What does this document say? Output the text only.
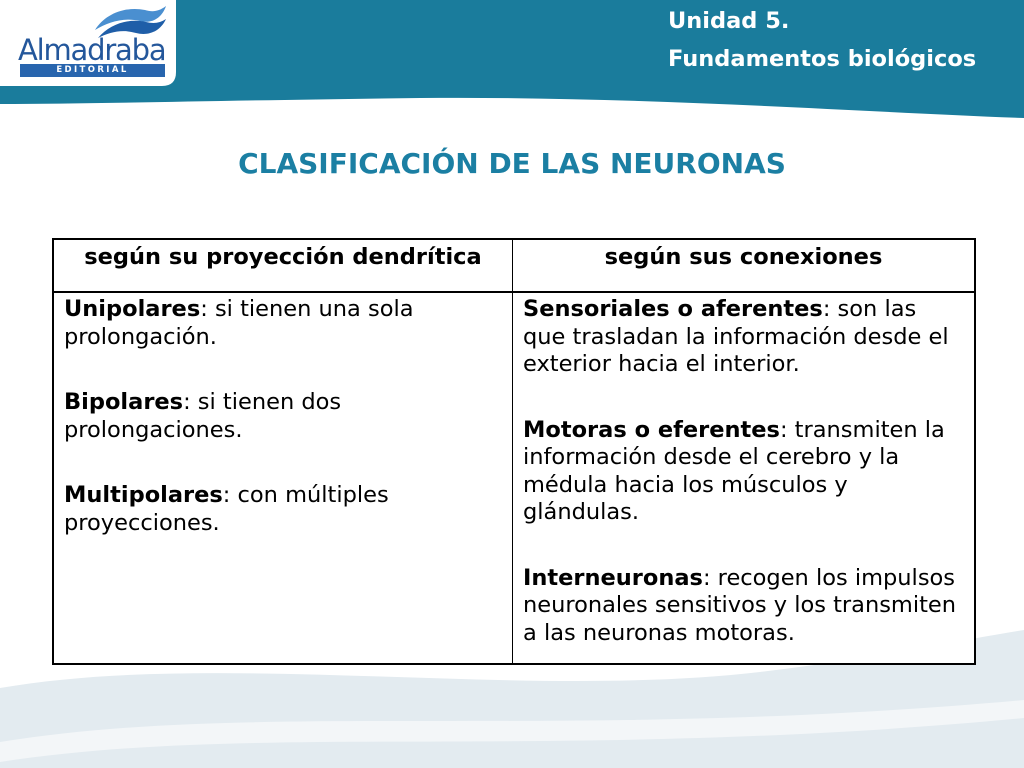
Almadraba
EDITORIAL
Unidad 5.
Fundamentos biológicos
CLASIFICACIÓN DE LAS NEURONAS
según su proyección dendrítica	según sus conexiones

Unipolares: si tienen una sola prolongación.

Bipolares: si tienen dos prolongaciones.

Multipolares: con múltiples proyecciones.

Sensoriales o aferentes: son las que trasladan la información desde el exterior hacia el interior.

Motoras o eferentes: transmiten la información desde el cerebro y la médula hacia los músculos y glándulas.

Interneuronas: recogen los impulsos neuronales sensitivos y los transmiten a las neuronas motoras.
